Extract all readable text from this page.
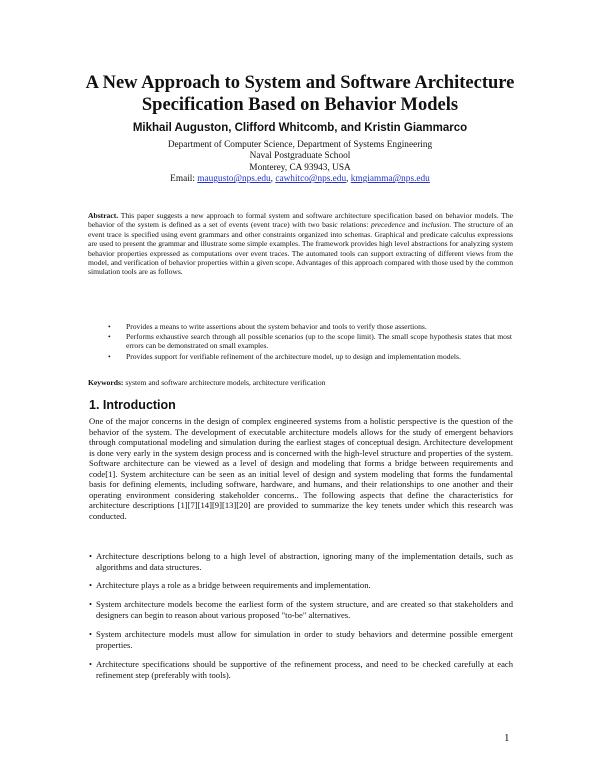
A New Approach to System and Software Architecture
Specification Based on Behavior Models
Mikhail Auguston, Clifford Whitcomb, and Kristin Giammarco
Department of Computer Science, Department of Systems Engineering
Naval Postgraduate School
Monterey, CA 93943, USA
Email: maugusto@nps.edu, cawhitco@nps.edu, kmgiamma@nps.edu
Abstract. This paper suggests a new approach to formal system and software architecture specification based on behavior models. The behavior of the system is defined as a set of events (event trace) with two basic relations: precedence and inclusion. The structure of an event trace is specified using event grammars and other constraints organized into schemas. Graphical and predicate calculus expressions are used to present the grammar and illustrate some simple examples. The framework provides high level abstractions for analyzing system behavior properties expressed as computations over event traces. The automated tools can support extracting of different views from the model, and verification of behavior properties within a given scope. Advantages of this approach compared with those used by the common simulation tools are as follows.
• Provides a means to write assertions about the system behavior and tools to verify those assertions.
• Performs exhaustive search through all possible scenarios (up to the scope limit). The small scope hypothesis states that most errors can be demonstrated on small examples.
• Provides support for verifiable refinement of the architecture model, up to design and implementation models.
Keywords: system and software architecture models, architecture verification
1. Introduction
One of the major concerns in the design of complex engineered systems from a holistic perspective is the question of the behavior of the system. The development of executable architecture models allows for the study of emergent behaviors through computational modeling and simulation during the earliest stages of conceptual design. Architecture development is done very early in the system design process and is concerned with the high-level structure and properties of the system. Software architecture can be viewed as a level of design and modeling that forms a bridge between requirements and code[1]. System architecture can be seen as an initial level of design and system modeling that forms the fundamental basis for defining elements, including software, hardware, and humans, and their relationships to one another and their operating environment considering stakeholder concerns.. The following aspects that define the characteristics for architecture descriptions [1][7][14][9][13][20] are provided to summarize the key tenets under which this research was conducted.
• Architecture descriptions belong to a high level of abstraction, ignoring many of the implementation details, such as algorithms and data structures.
• Architecture plays a role as a bridge between requirements and implementation.
• System architecture models become the earliest form of the system structure, and are created so that stakeholders and designers can begin to reason about various proposed "to-be" alternatives.
• System architecture models must allow for simulation in order to study behaviors and determine possible emergent properties.
• Architecture specifications should be supportive of the refinement process, and need to be checked carefully at each refinement step (preferably with tools).
1
